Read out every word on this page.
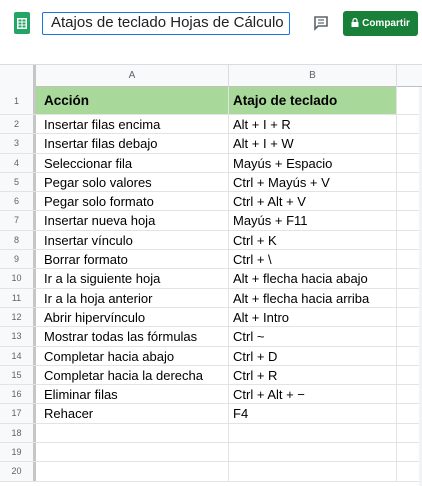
Atajos de teclado Hojas de Cálculo	Compartir
A	B
1	Acción	Atajo de teclado
2	Insertar filas encima	Alt + I + R
3	Insertar filas debajo	Alt + I + W
4	Seleccionar fila	Mayús + Espacio
5	Pegar solo valores	Ctrl + Mayús + V
6	Pegar solo formato	Ctrl + Alt + V
7	Insertar nueva hoja	Mayús + F11
8	Insertar vínculo	Ctrl + K
9	Borrar formato	Ctrl + \
10	Ir a la siguiente hoja	Alt + flecha hacia abajo
11	Ir a la hoja anterior	Alt + flecha hacia arriba
12	Abrir hipervínculo	Alt + Intro
13	Mostrar todas las fórmulas	Ctrl ~
14	Completar hacia abajo	Ctrl + D
15	Completar hacia la derecha	Ctrl + R
16	Eliminar filas	Ctrl + Alt + −
17	Rehacer	F4
18
19
20
